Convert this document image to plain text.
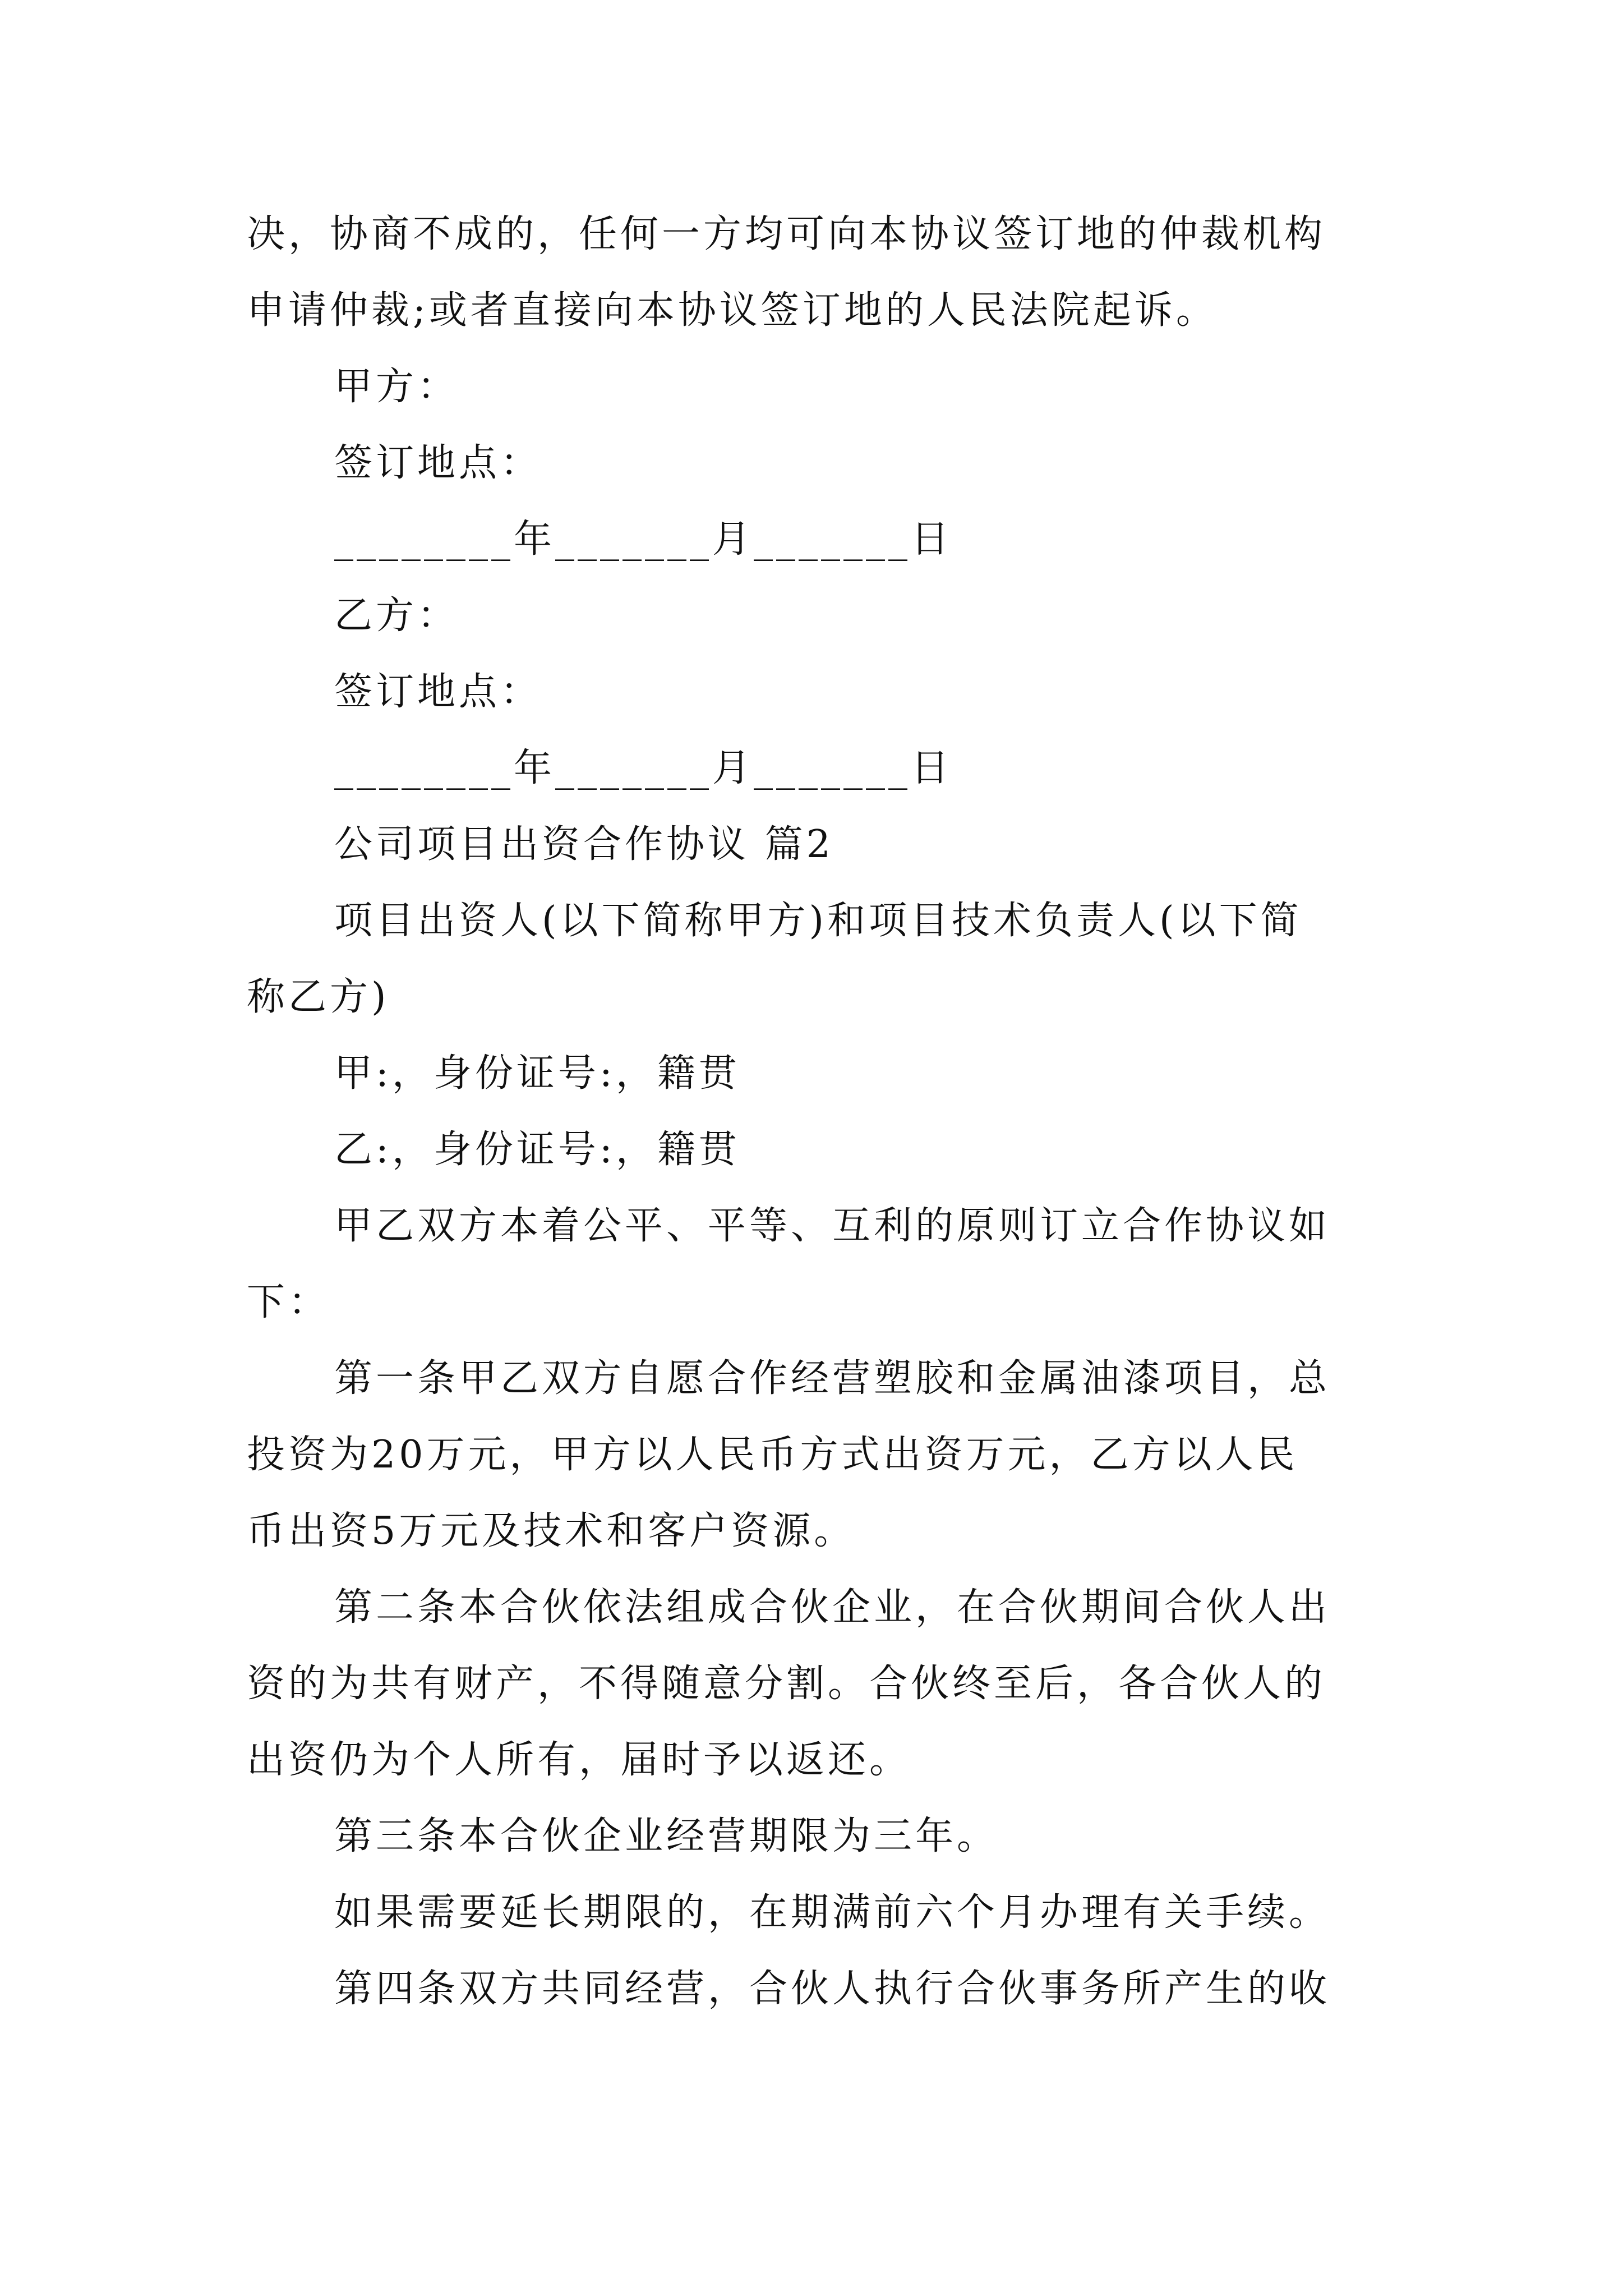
决，协商不成的，任何一方均可向本协议签订地的仲裁机构
申请仲裁;或者直接向本协议签订地的人民法院起诉。
甲方：
签订地点：
________年_______月_______日
乙方：
签订地点：
________年_______月_______日
公司项目出资合作协议 篇2
项目出资人(以下简称甲方)和项目技术负责人(以下简
称乙方)
甲:，身份证号:，籍贯
乙:，身份证号:，籍贯
甲乙双方本着公平、平等、互利的原则订立合作协议如
下：
第一条甲乙双方自愿合作经营塑胶和金属油漆项目，总
投资为20万元，甲方以人民币方式出资万元，乙方以人民
币出资5万元及技术和客户资源。
第二条本合伙依法组成合伙企业，在合伙期间合伙人出
资的为共有财产，不得随意分割。合伙终至后，各合伙人的
出资仍为个人所有，届时予以返还。
第三条本合伙企业经营期限为三年。
如果需要延长期限的，在期满前六个月办理有关手续。
第四条双方共同经营，合伙人执行合伙事务所产生的收
